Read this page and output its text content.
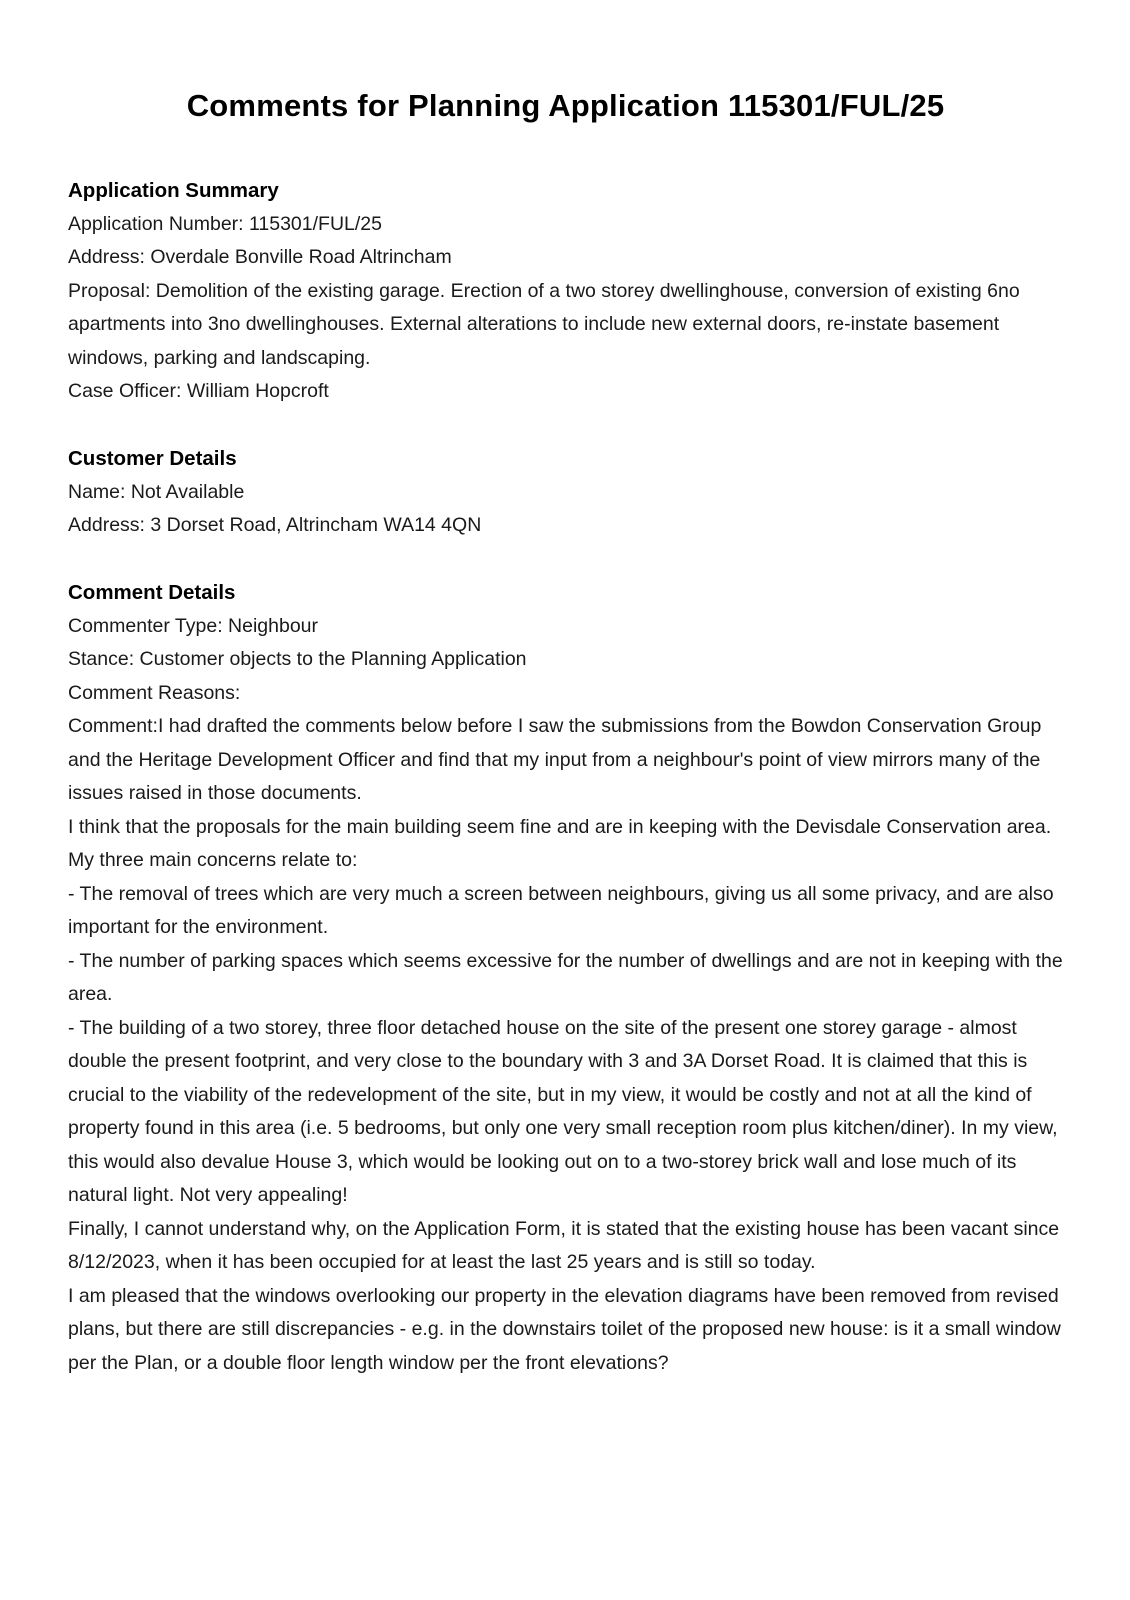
Comments for Planning Application 115301/FUL/25
Application Summary

Application Number: 115301/FUL/25

Address: Overdale Bonville Road Altrincham

Proposal: Demolition of the existing garage. Erection of a two storey dwellinghouse, conversion of existing 6no apartments into 3no dwellinghouses. External alterations to include new external doors, re-instate basement windows, parking and landscaping.

Case Officer: William Hopcroft

Customer Details

Name: Not Available

Address: 3 Dorset Road, Altrincham WA14 4QN

Comment Details

Commenter Type: Neighbour

Stance: Customer objects to the Planning Application

Comment Reasons:

Comment:I had drafted the comments below before I saw the submissions from the Bowdon Conservation Group and the Heritage Development Officer and find that my input from a neighbour's point of view mirrors many of the issues raised in those documents.

I think that the proposals for the main building seem fine and are in keeping with the Devisdale Conservation area. My three main concerns relate to:

- The removal of trees which are very much a screen between neighbours, giving us all some privacy, and are also important for the environment.

- The number of parking spaces which seems excessive for the number of dwellings and are not in keeping with the area.

- The building of a two storey, three floor detached house on the site of the present one storey garage - almost double the present footprint, and very close to the boundary with 3 and 3A Dorset Road. It is claimed that this is crucial to the viability of the redevelopment of the site, but in my view, it would be costly and not at all the kind of property found in this area (i.e. 5 bedrooms, but only one very small reception room plus kitchen/diner). In my view, this would also devalue House 3, which would be looking out on to a two-storey brick wall and lose much of its natural light. Not very appealing!

Finally, I cannot understand why, on the Application Form, it is stated that the existing house has been vacant since 8/12/2023, when it has been occupied for at least the last 25 years and is still so today.

I am pleased that the windows overlooking our property in the elevation diagrams have been removed from revised plans, but there are still discrepancies - e.g. in the downstairs toilet of the proposed new house: is it a small window per the Plan, or a double floor length window per the front elevations?
